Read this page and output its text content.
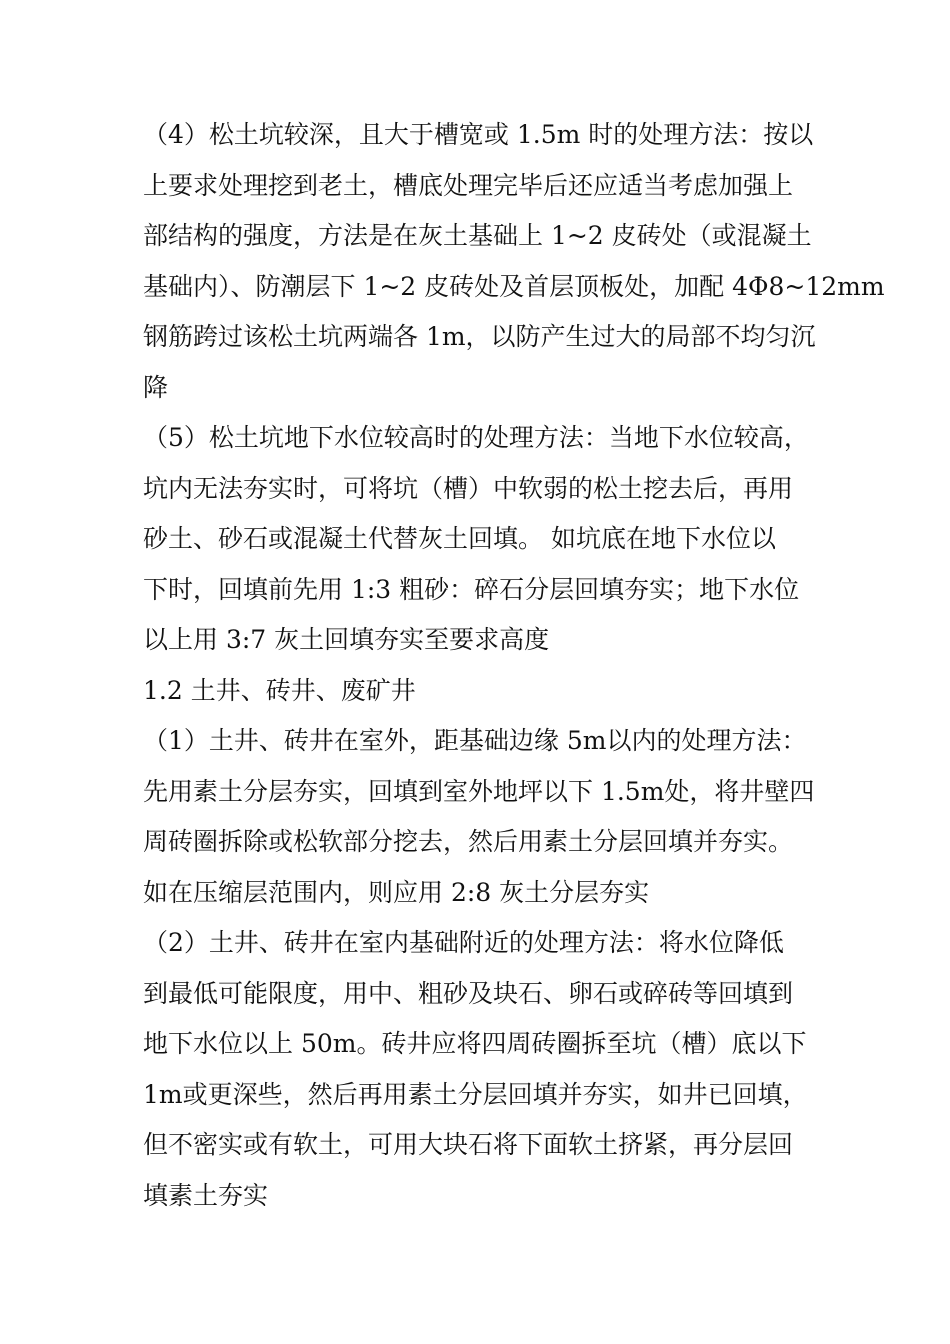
（4）松土坑较深，且大于槽宽或 1.5m 时的处理方法：按以
上要求处理挖到老土，槽底处理完毕后还应适当考虑加强上
部结构的强度，方法是在灰土基础上 1~2 皮砖处（或混凝土
基础内）、防潮层下 1~2 皮砖处及首层顶板处，加配 4Φ8~12mm
钢筋跨过该松土坑两端各 1m，以防产生过大的局部不均匀沉
降
（5）松土坑地下水位较高时的处理方法：当地下水位较高，
坑内无法夯实时，可将坑（槽）中软弱的松土挖去后，再用
砂土、砂石或混凝土代替灰土回填。 如坑底在地下水位以
下时，回填前先用 1:3 粗砂：碎石分层回填夯实；地下水位
以上用 3:7 灰土回填夯实至要求高度
1.2 土井、砖井、废矿井
（1）土井、砖井在室外，距基础边缘 5m以内的处理方法：
先用素土分层夯实，回填到室外地坪以下 1.5m处，将井壁四
周砖圈拆除或松软部分挖去，然后用素土分层回填并夯实。
如在压缩层范围内，则应用 2:8 灰土分层夯实
（2）土井、砖井在室内基础附近的处理方法：将水位降低
到最低可能限度，用中、粗砂及块石、卵石或碎砖等回填到
地下水位以上 50m。砖井应将四周砖圈拆至坑（槽）底以下
1m或更深些，然后再用素土分层回填并夯实，如井已回填，
但不密实或有软土，可用大块石将下面软土挤紧，再分层回
填素土夯实
